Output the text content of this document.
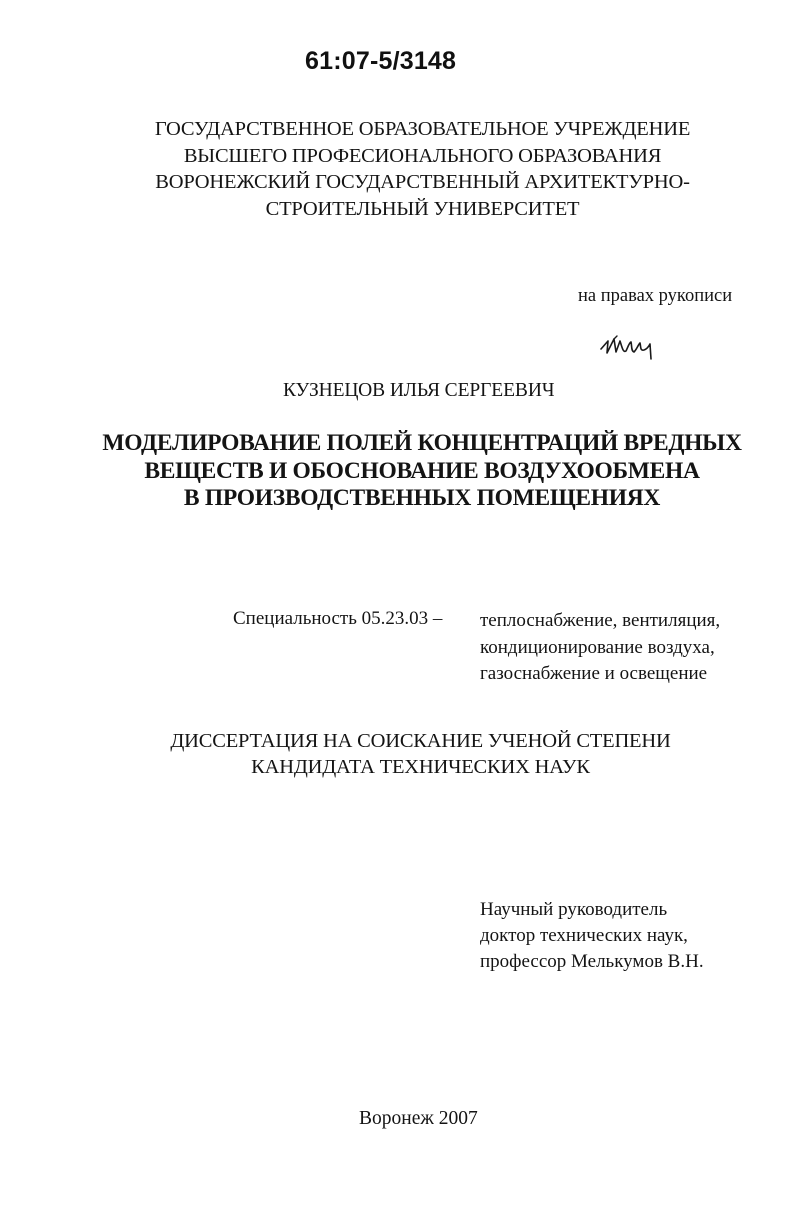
61:07-5/3148
ГОСУДАРСТВЕННОЕ ОБРАЗОВАТЕЛЬНОЕ УЧРЕЖДЕНИЕ
ВЫСШЕГО ПРОФЕСИОНАЛЬНОГО ОБРАЗОВАНИЯ
ВОРОНЕЖСКИЙ ГОСУДАРСТВЕННЫЙ АРХИТЕКТУРНО-
СТРОИТЕЛЬНЫЙ УНИВЕРСИТЕТ
на правах рукописи
КУЗНЕЦОВ ИЛЬЯ СЕРГЕЕВИЧ
МОДЕЛИРОВАНИЕ ПОЛЕЙ КОНЦЕНТРАЦИЙ ВРЕДНЫХ
ВЕЩЕСТВ И ОБОСНОВАНИЕ ВОЗДУХООБМЕНА
В ПРОИЗВОДСТВЕННЫХ ПОМЕЩЕНИЯХ
Специальность 05.23.03 – теплоснабжение, вентиляция,
кондиционирование воздуха,
газоснабжение и освещение
ДИССЕРТАЦИЯ НА СОИСКАНИЕ УЧЕНОЙ СТЕПЕНИ
КАНДИДАТА ТЕХНИЧЕСКИХ НАУК
Научный руководитель
доктор технических наук,
профессор Мелькумов В.Н.
Воронеж 2007
